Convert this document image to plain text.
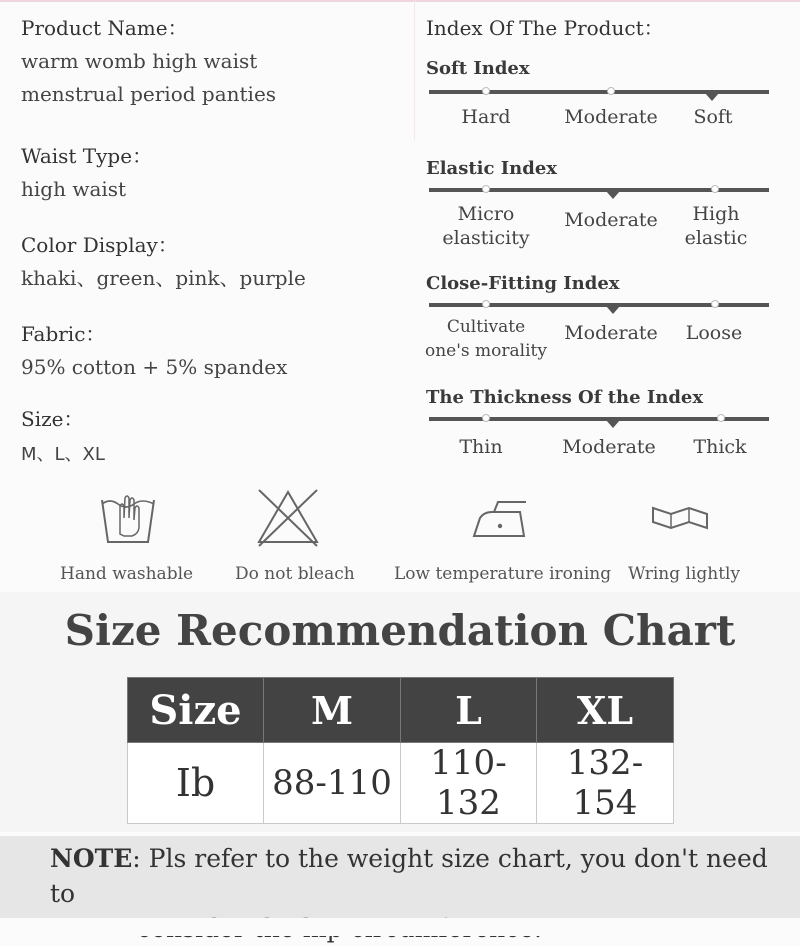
Product Name：
warm womb high waist
menstrual period panties
Waist Type：
high waist
Color Display：
khaki、green、pink、purple
Fabric：
95% cotton + 5% spandex
Size：
M、L、XL
Index Of The Product：
Soft Index
Hard	Moderate	Soft
Elastic Index
Micro
elasticity
Moderate	High
elastic
Close-Fitting Index
Cultivate
one's morality
Moderate	Loose
The Thickness Of the Index
Thin	Moderate	Thick
Hand washable Do not bleach Low temperature ironing Wring lightly
Size Recommendation Chart
Size	M	L	XL
Ib	88-110	110-132	132-154
NOTE: Pls refer to the weight size chart, you don't need to
